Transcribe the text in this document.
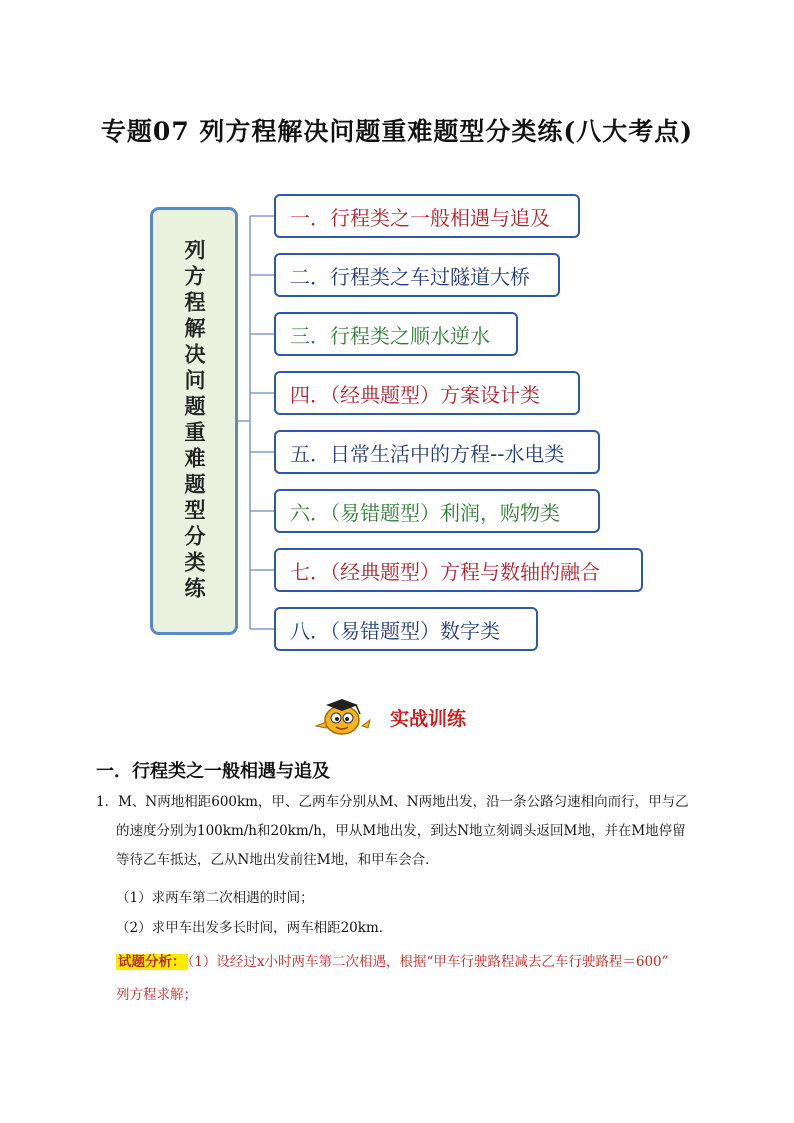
专题07 列方程解决问题重难题型分类练(八大考点)
列方程解决问题重难题型分类练
一．行程类之一般相遇与追及
二．行程类之车过隧道大桥
三．行程类之顺水逆水
四．（经典题型）方案设计类
五．日常生活中的方程--水电类
六．（易错题型）利润，购物类
七．（经典题型）方程与数轴的融合
八．（易错题型）数字类
实战训练
一．行程类之一般相遇与追及
1．M、N两地相距600km，甲、乙两车分别从M、N两地出发，沿一条公路匀速相向而行，甲与乙
的速度分别为100km/h和20km/h，甲从M地出发，到达N地立刻调头返回M地，并在M地停留
等待乙车抵达，乙从N地出发前往M地，和甲车会合．
（1）求两车第二次相遇的时间；
（2）求甲车出发多长时间，两车相距20km．
试题分析： （1）设经过x小时两车第二次相遇，根据“甲车行驶路程减去乙车行驶路程＝600”
列方程求解；
